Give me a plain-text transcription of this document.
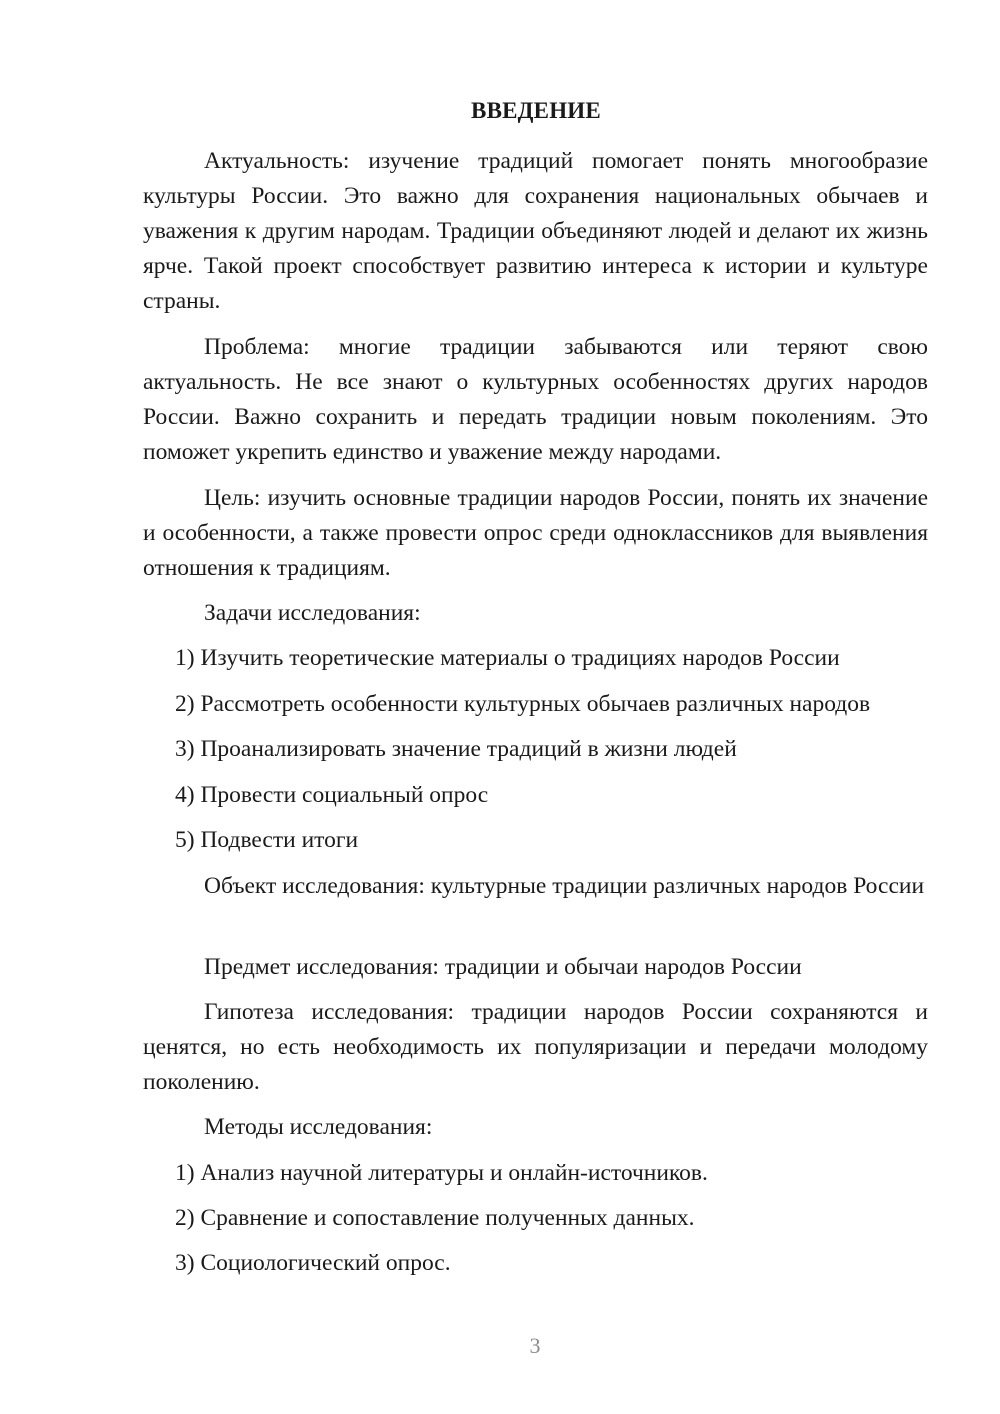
ВВЕДЕНИЕ

Актуальность: изучение традиций помогает понять многообразие культуры России. Это важно для сохранения национальных обычаев и уважения к другим народам. Традиции объединяют людей и делают их жизнь ярче. Такой проект способствует развитию интереса к истории и культуре страны.

Проблема: многие традиции забываются или теряют свою актуальность. Не все знают о культурных особенностях других народов России. Важно сохранить и передать традиции новым поколениям. Это поможет укрепить единство и уважение между народами.

Цель: изучить основные традиции народов России, понять их значение и особенности, а также провести опрос среди одноклассников для выявления отношения к традициям.

Задачи исследования:
1) Изучить теоретические материалы о традициях народов России
2) Рассмотреть особенности культурных обычаев различных народов
3) Проанализировать значение традиций в жизни людей
4) Провести социальный опрос
5) Подвести итоги

Объект исследования: культурные традиции различных народов России

Предмет исследования: традиции и обычаи народов России

Гипотеза исследования: традиции народов России сохраняются и ценятся, но есть необходимость их популяризации и передачи молодому поколению.

Методы исследования:
1) Анализ научной литературы и онлайн-источников.
2) Сравнение и сопоставление полученных данных.
3) Социологический опрос.
3
